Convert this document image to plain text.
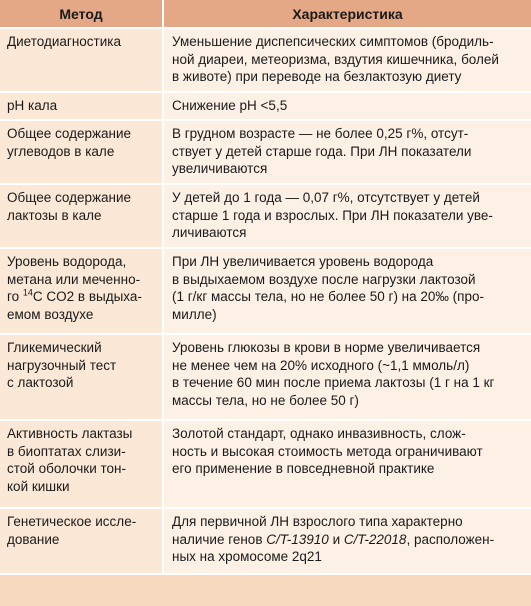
Метод	Характеристика

Диетодиагностика	Уменьшение диспепсических симптомов (бродиль-
ной диареи, метеоризма, вздутия кишечника, болей
в животе) при переводе на безлактозую диету

pH кала	Снижение pH <5,5

Общее содержание
углеводов в кале	В грудном возрасте — не более 0,25 г%, отсут-
ствует у детей старше года. При ЛН показатели
увеличиваются

Общее содержание
лактозы в кале	У детей до 1 года — 0,07 г%, отсутствует у детей
старше 1 года и взрослых. При ЛН показатели уве-
личиваются

Уровень водорода,
метана или меченно-
го $^{14}$C CO2 в выдыха-
емом воздухе	При ЛН увеличивается уровень водорода
в выдыхаемом воздухе после нагрузки лактозой
(1 г/кг массы тела, но не более 50 г) на 20‰ (про-
милле)

Гликемический
нагрузочный тест
с лактозой	Уровень глюкозы в крови в норме увеличивается
не менее чем на 20% исходного (~1,1 ммоль/л)
в течение 60 мин после приема лактозы (1 г на 1 кг
массы тела, но не более 50 г)

Активность лактазы
в биоптатах слизи-
стой оболочки тон-
кой кишки	Золотой стандарт, однако инвазивность, слож-
ность и высокая стоимость метода ограничивают
его применение в повседневной практике

Генетическое иссле-
дование	Для первичной ЛН взрослого типа характерно
наличие генов C/T-13910 и C/T-22018, расположен-
ных на хромосоме 2q21
